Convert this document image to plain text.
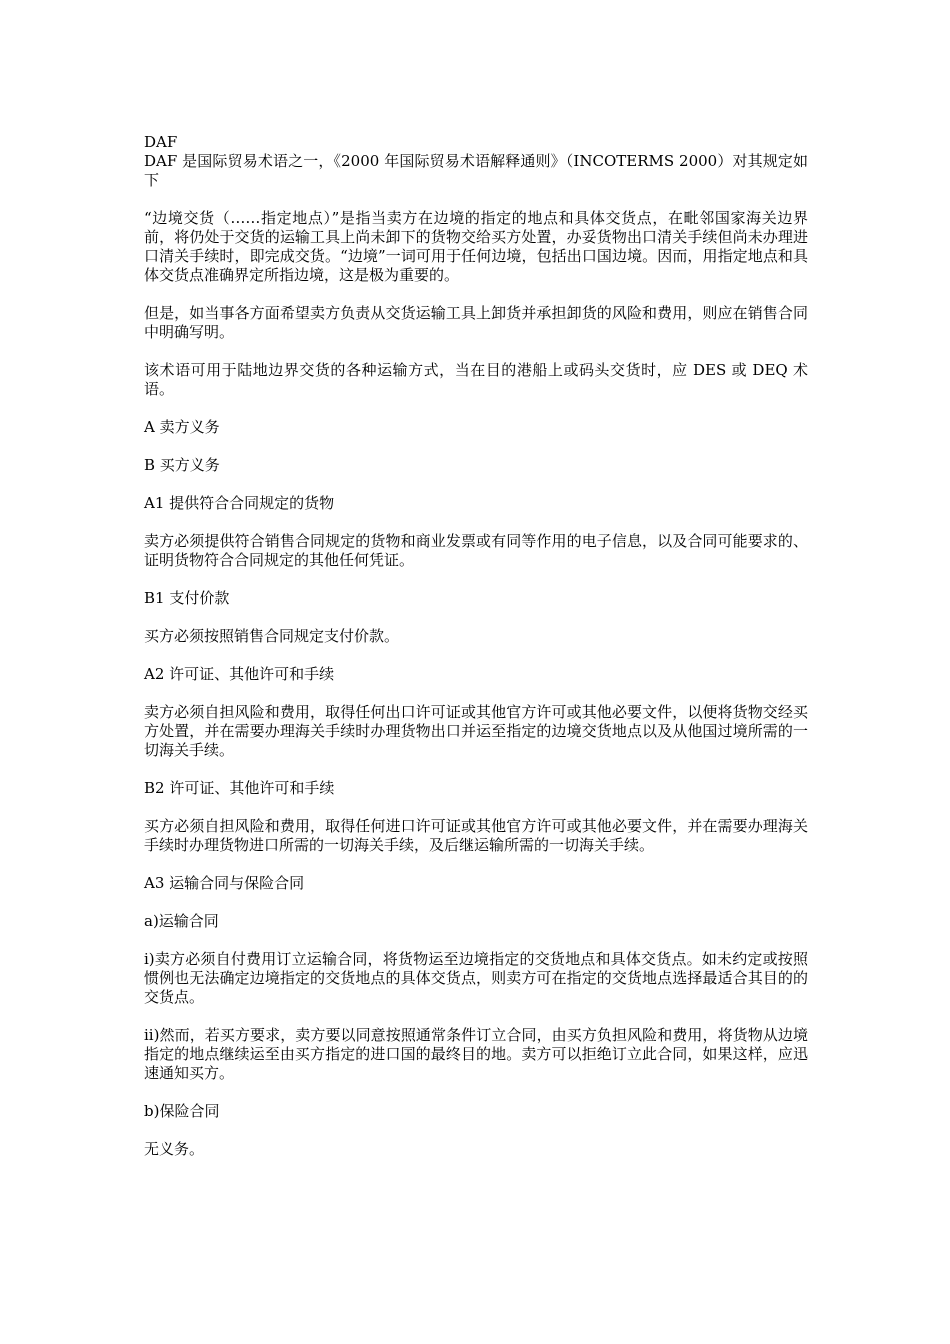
DAF

DAF 是国际贸易术语之一，《2000 年国际贸易术语解释通则》（INCOTERMS 2000）对其规定如下

“边境交货（……指定地点）”是指当卖方在边境的指定的地点和具体交货点，在毗邻国家海关边界前，将仍处于交货的运输工具上尚未卸下的货物交给买方处置，办妥货物出口清关手续但尚未办理进口清关手续时，即完成交货。“边境”一词可用于任何边境，包括出口国边境。因而，用指定地点和具体交货点准确界定所指边境，这是极为重要的。

但是，如当事各方面希望卖方负责从交货运输工具上卸货并承担卸货的风险和费用，则应在销售合同中明确写明。

该术语可用于陆地边界交货的各种运输方式，当在目的港船上或码头交货时，应 DES 或 DEQ 术语。

A 卖方义务

B 买方义务

A1 提供符合合同规定的货物

卖方必须提供符合销售合同规定的货物和商业发票或有同等作用的电子信息，以及合同可能要求的、证明货物符合合同规定的其他任何凭证。

B1 支付价款

买方必须按照销售合同规定支付价款。

A2 许可证、其他许可和手续

卖方必须自担风险和费用，取得任何出口许可证或其他官方许可或其他必要文件，以便将货物交经买方处置，并在需要办理海关手续时办理货物出口并运至指定的边境交货地点以及从他国过境所需的一切海关手续。

B2 许可证、其他许可和手续

买方必须自担风险和费用，取得任何进口许可证或其他官方许可或其他必要文件，并在需要办理海关手续时办理货物进口所需的一切海关手续，及后继运输所需的一切海关手续。

A3 运输合同与保险合同

a)运输合同

i)卖方必须自付费用订立运输合同，将货物运至边境指定的交货地点和具体交货点。如未约定或按照惯例也无法确定边境指定的交货地点的具体交货点，则卖方可在指定的交货地点选择最适合其目的的交货点。

ii)然而，若买方要求，卖方要以同意按照通常条件订立合同，由买方负担风险和费用，将货物从边境指定的地点继续运至由买方指定的进口国的最终目的地。卖方可以拒绝订立此合同，如果这样，应迅速通知买方。

b)保险合同

无义务。
